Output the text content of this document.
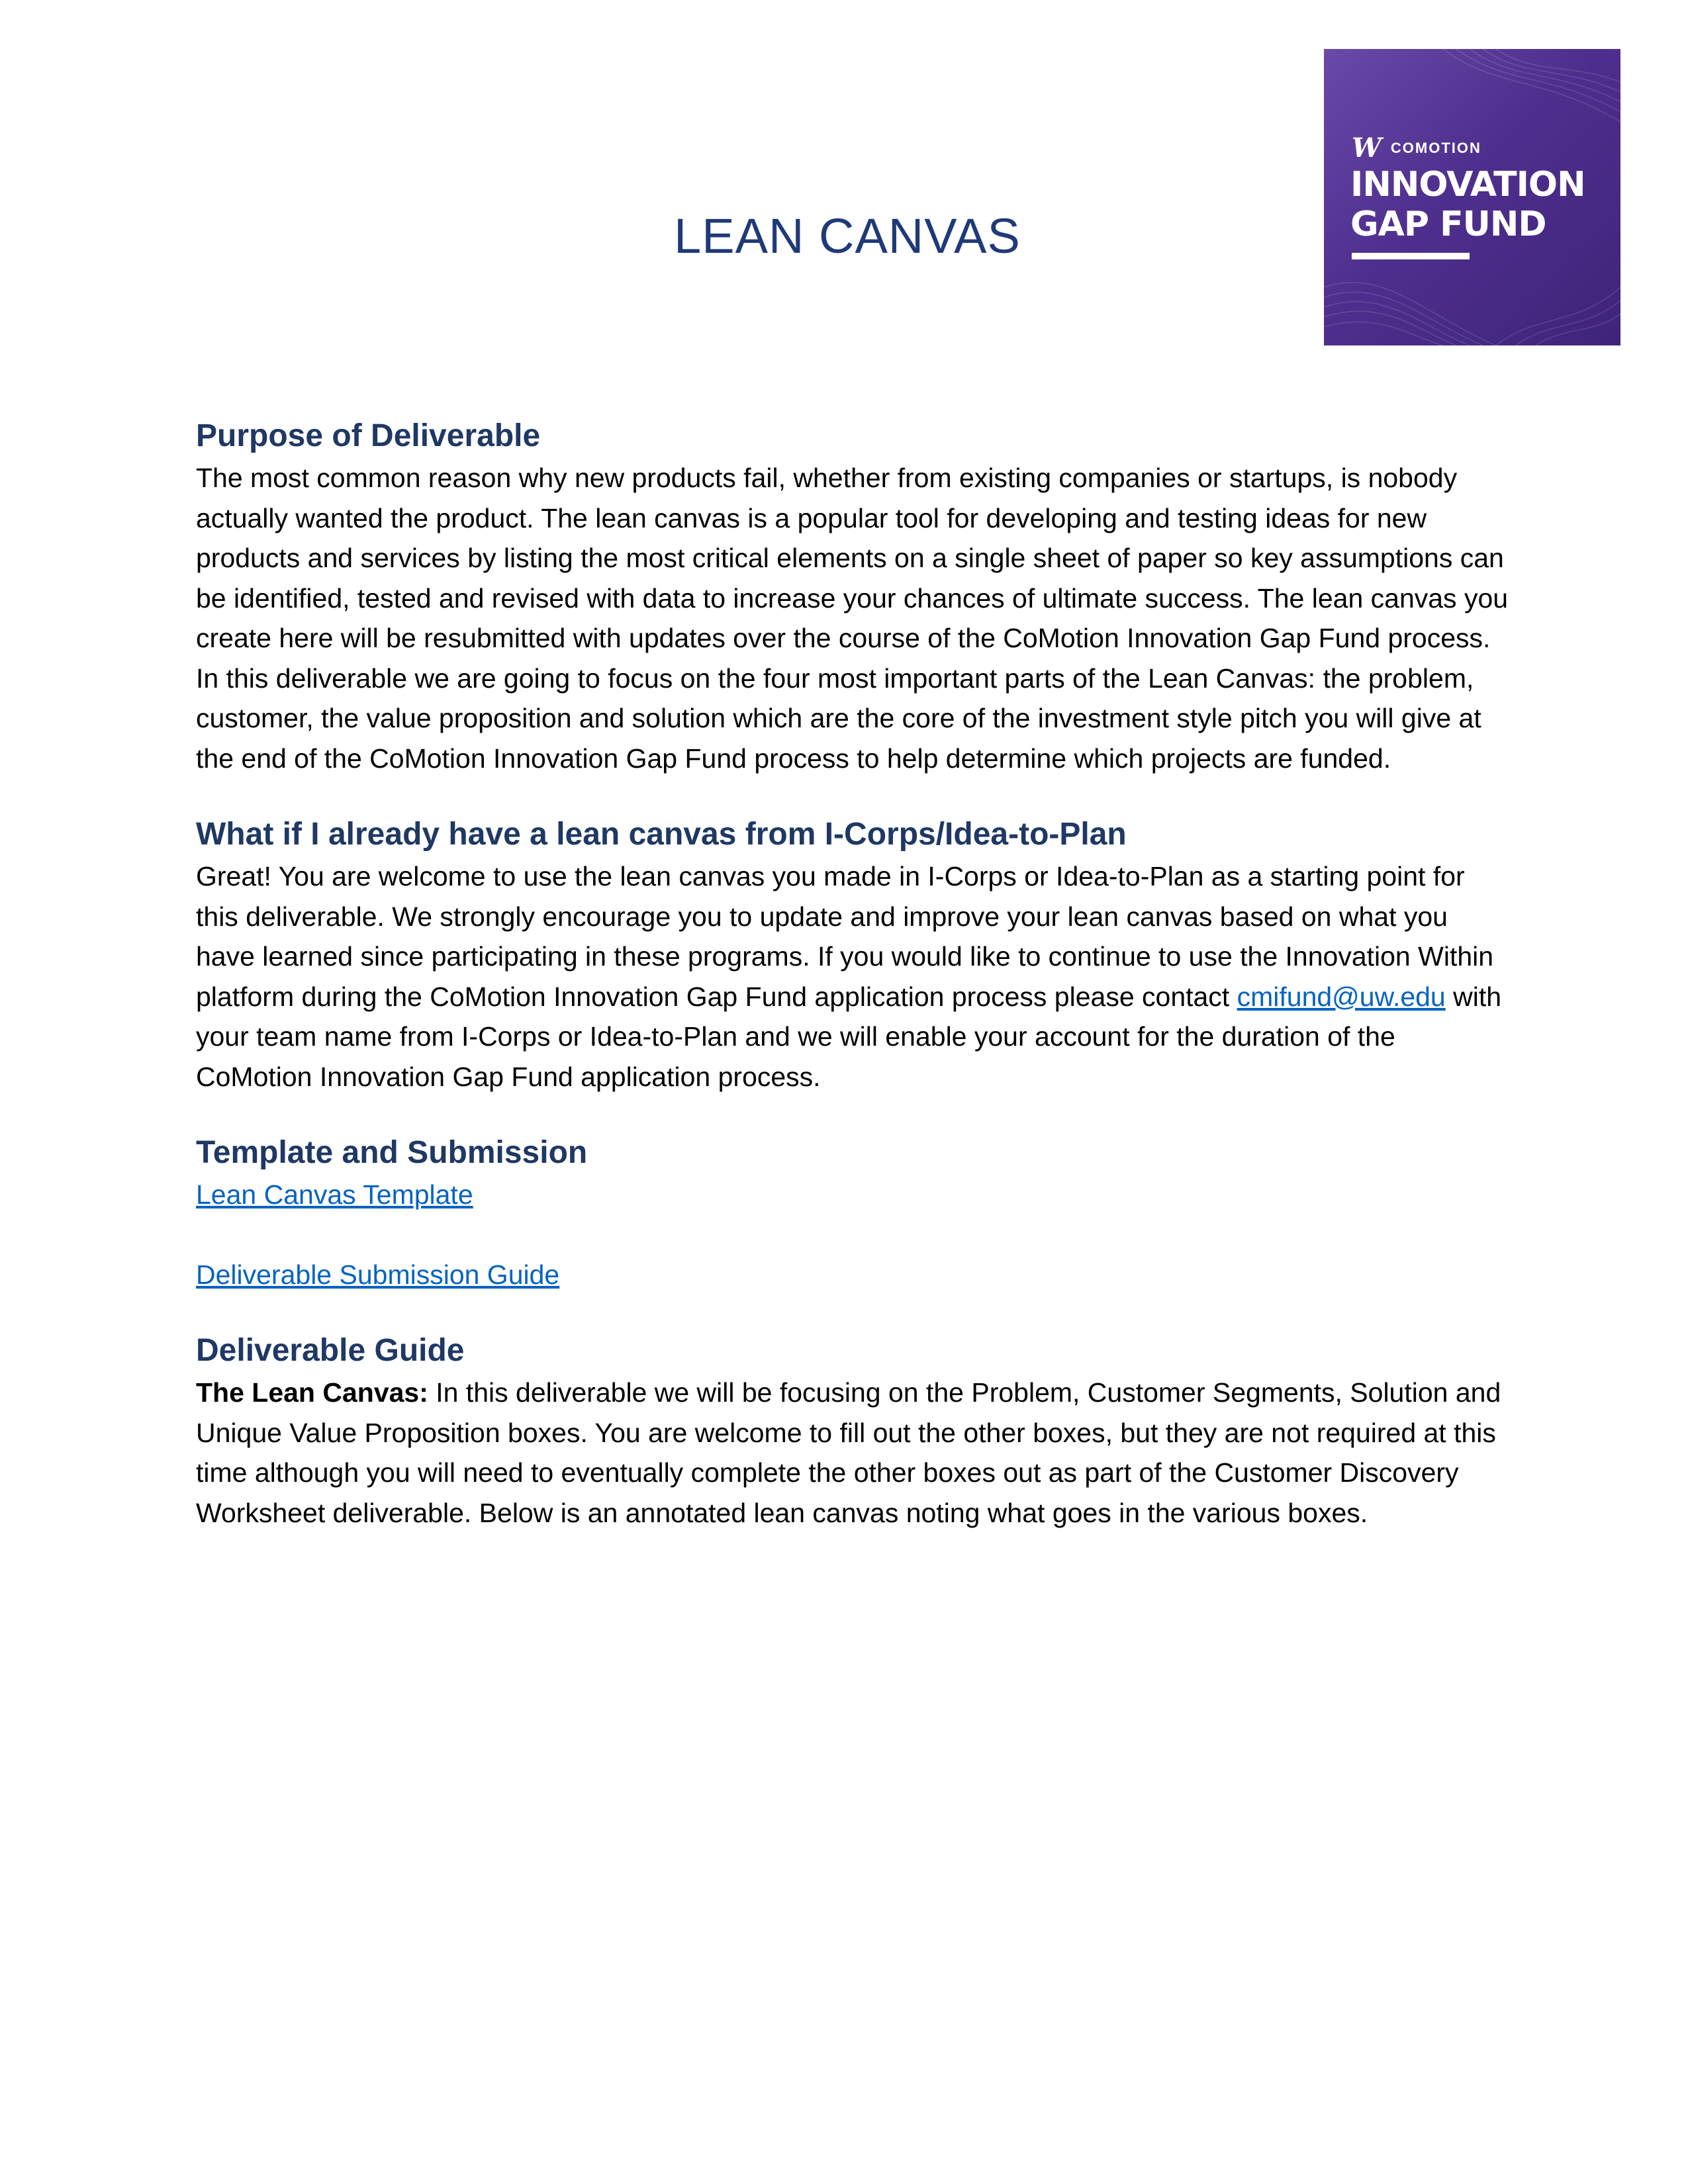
W COMOTION
INNOVATION
GAP FUND
LEAN CANVAS
Purpose of Deliverable

The most common reason why new products fail, whether from existing companies or startups, is nobody actually wanted the product. The lean canvas is a popular tool for developing and testing ideas for new products and services by listing the most critical elements on a single sheet of paper so key assumptions can be identified, tested and revised with data to increase your chances of ultimate success. The lean canvas you create here will be resubmitted with updates over the course of the CoMotion Innovation Gap Fund process. In this deliverable we are going to focus on the four most important parts of the Lean Canvas: the problem, customer, the value proposition and solution which are the core of the investment style pitch you will give at the end of the CoMotion Innovation Gap Fund process to help determine which projects are funded.

What if I already have a lean canvas from I-Corps/Idea-to-Plan

Great! You are welcome to use the lean canvas you made in I-Corps or Idea-to-Plan as a starting point for this deliverable. We strongly encourage you to update and improve your lean canvas based on what you have learned since participating in these programs. If you would like to continue to use the Innovation Within platform during the CoMotion Innovation Gap Fund application process please contact cmifund@uw.edu with your team name from I-Corps or Idea-to-Plan and we will enable your account for the duration of the CoMotion Innovation Gap Fund application process.

Template and Submission
Lean Canvas Template
Deliverable Submission Guide
Deliverable Guide

The Lean Canvas: In this deliverable we will be focusing on the Problem, Customer Segments, Solution and Unique Value Proposition boxes. You are welcome to fill out the other boxes, but they are not required at this time although you will need to eventually complete the other boxes out as part of the Customer Discovery Worksheet deliverable. Below is an annotated lean canvas noting what goes in the various boxes.
